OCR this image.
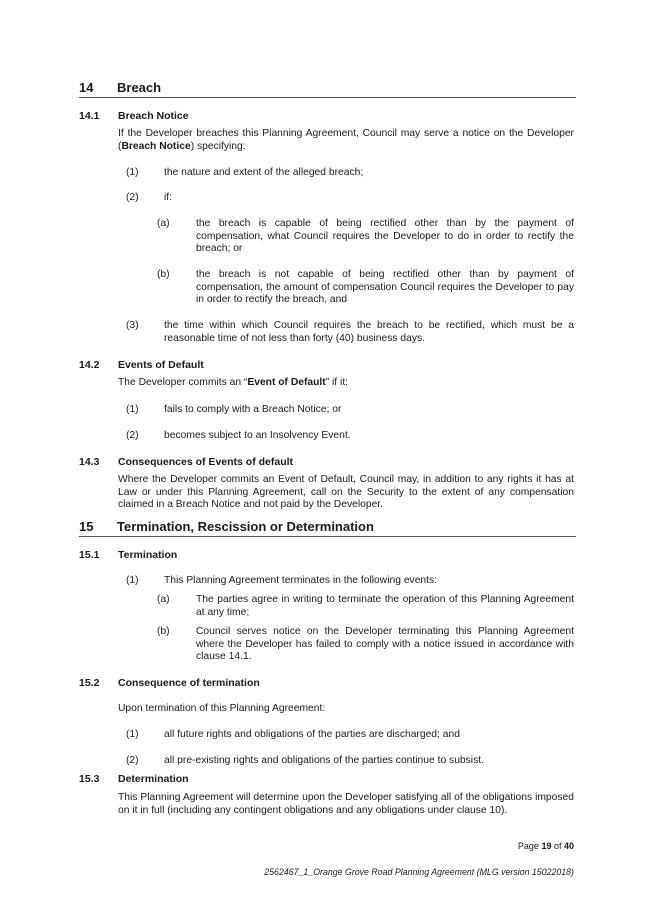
14 Breach
14.1 Breach Notice
If the Developer breaches this Planning Agreement, Council may serve a notice on the Developer (Breach Notice) specifying:
(1) the nature and extent of the alleged breach;
(2) if:
(a)	the breach is capable of being rectified other than by the payment of compensation, what Council requires the Developer to do in order to rectify the breach; or
(b)	the breach is not capable of being rectified other than by payment of compensation, the amount of compensation Council requires the Developer to pay in order to rectify the breach, and
(3) the time within which Council requires the breach to be rectified, which must be a reasonable time of not less than forty (40) business days.
14.2 Events of Default
The Developer commits an “Event of Default” if it:
(1) fails to comply with a Breach Notice; or
(2) becomes subject to an Insolvency Event.
14.3 Consequences of Events of default
Where the Developer commits an Event of Default, Council may, in addition to any rights it has at Law or under this Planning Agreement, call on the Security to the extent of any compensation claimed in a Breach Notice and not paid by the Developer.
15 Termination, Rescission or Determination
15.1 Termination
(1) This Planning Agreement terminates in the following events:
(a)	The parties agree in writing to terminate the operation of this Planning Agreement at any time;
(b)	Council serves notice on the Developer terminating this Planning Agreement where the Developer has failed to comply with a notice issued in accordance with clause 14.1.
15.2 Consequence of termination
Upon termination of this Planning Agreement:
(1) all future rights and obligations of the parties are discharged; and
(2) all pre-existing rights and obligations of the parties continue to subsist.
15.3 Determination
This Planning Agreement will determine upon the Developer satisfying all of the obligations imposed on it in full (including any contingent obligations and any obligations under clause 10).
Page 19 of 40
2562467_1_Orange Grove Road Planning Agreement (MLG version 15022018)
